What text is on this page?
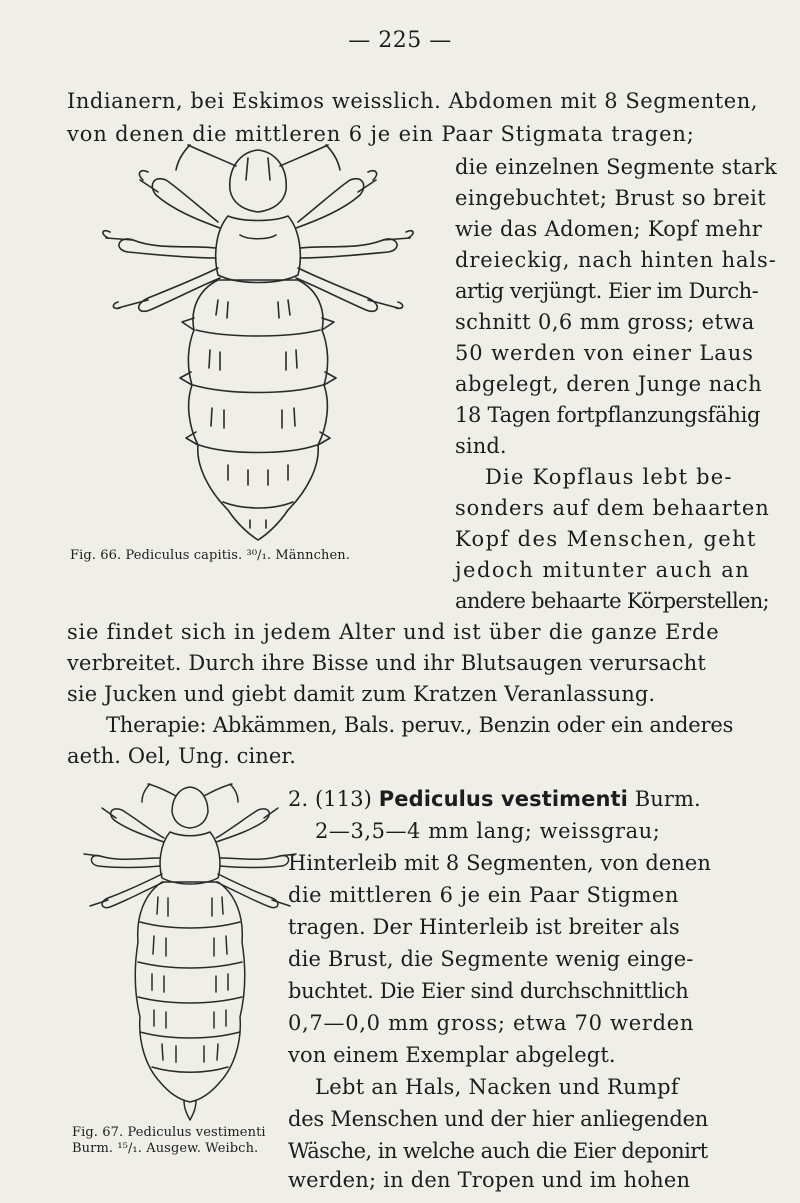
— 225 —
Indianern, bei Eskimos weisslich. Abdomen mit 8 Segmenten,
von denen die mittleren 6 je ein Paar Stigmata tragen;
Fig. 66. Pediculus capitis. ³⁰/₁. Männchen.
die einzelnen Segmente stark
eingebuchtet; Brust so breit
wie das Adomen; Kopf mehr
dreieckig, nach hinten hals-
artig verjüngt. Eier im Durch-
schnitt 0,6 mm gross; etwa
50 werden von einer Laus
abgelegt, deren Junge nach
18 Tagen fortpflanzungsfähig
sind.
Die Kopflaus lebt be-
sonders auf dem behaarten
Kopf des Menschen, geht
jedoch mitunter auch an
andere behaarte Körperstellen;
sie findet sich in jedem Alter und ist über die ganze Erde
verbreitet. Durch ihre Bisse und ihr Blutsaugen verursacht
sie Jucken und giebt damit zum Kratzen Veranlassung.
Therapie: Abkämmen, Bals. peruv., Benzin oder ein anderes
aeth. Oel, Ung. ciner.
Fig. 67. Pediculus vestimenti
Burm. ¹⁵/₁. Ausgew. Weibch.
2. (113) Pediculus vestimenti Burm.
2—3,5—4 mm lang; weissgrau;
Hinterleib mit 8 Segmenten, von denen
die mittleren 6 je ein Paar Stigmen
tragen. Der Hinterleib ist breiter als
die Brust, die Segmente wenig einge-
buchtet. Die Eier sind durchschnittlich
0,7—0,0 mm gross; etwa 70 werden
von einem Exemplar abgelegt.
Lebt an Hals, Nacken und Rumpf
des Menschen und der hier anliegenden
Wäsche, in welche auch die Eier deponirt
werden; in den Tropen und im hohen
